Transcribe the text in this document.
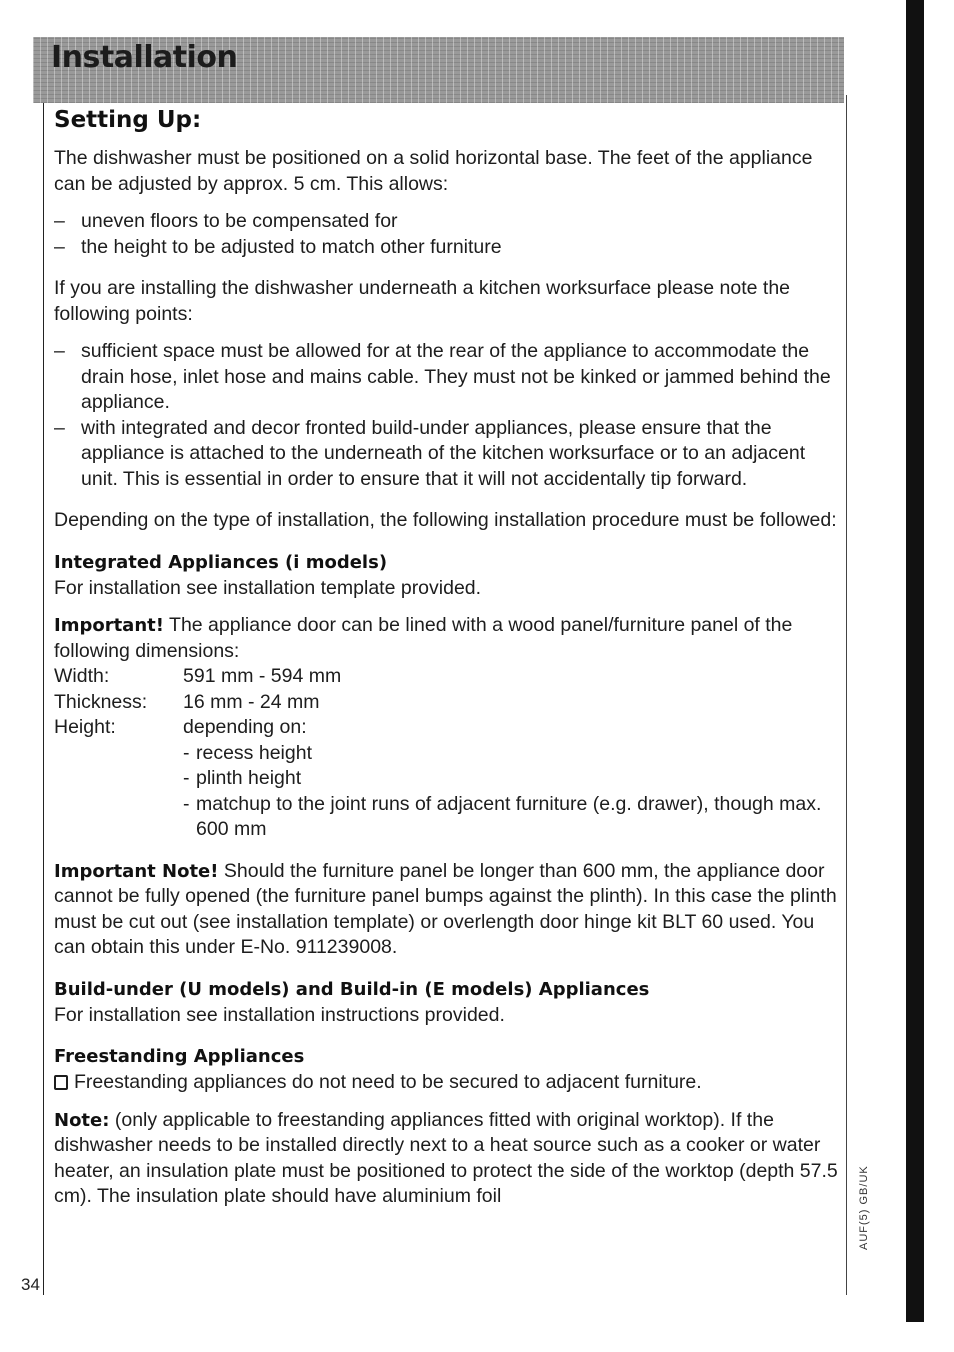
Installation
Setting Up:

The dishwasher must be positioned on a solid horizontal base. The feet of the appliance can be adjusted by approx. 5 cm. This allows:

– uneven floors to be compensated for
– the height to be adjusted to match other furniture

If you are installing the dishwasher underneath a kitchen worksurface please note the following points:

– sufficient space must be allowed for at the rear of the appliance to accommodate the drain hose, inlet hose and mains cable. They must not be kinked or jammed behind the appliance.
– with integrated and decor fronted build-under appliances, please ensure that the appliance is attached to the underneath of the kitchen worksurface or to an adjacent unit. This is essential in order to ensure that it will not accidentally tip forward.

Depending on the type of installation, the following installation procedure must be followed:

Integrated Appliances (i models)

For installation see installation template provided.

Important! The appliance door can be lined with a wood panel/furniture panel of the following dimensions:

Width:	591 mm - 594 mm
Thickness:	16 mm - 24 mm
Height:	depending on:
- recess height
- plinth height
- matchup to the joint runs of adjacent furniture (e.g. drawer), though max. 600 mm

Important Note! Should the furniture panel be longer than 600 mm, the appliance door cannot be fully opened (the furniture panel bumps against the plinth). In this case the plinth must be cut out (see installation template) or overlength door hinge kit BLT 60 used. You can obtain this under E-No. 911239008.

Build-under (U models) and Build-in (E models) Appliances

For installation see installation instructions provided.

Freestanding Appliances

Freestanding appliances do not need to be secured to adjacent furniture.

Note: (only applicable to freestanding appliances fitted with original worktop). If the dishwasher needs to be installed directly next to a heat source such as a cooker or water heater, an insulation plate must be positioned to protect the side of the worktop (depth 57.5 cm). The insulation plate should have aluminium foil

34
AUF(5) GB/UK
